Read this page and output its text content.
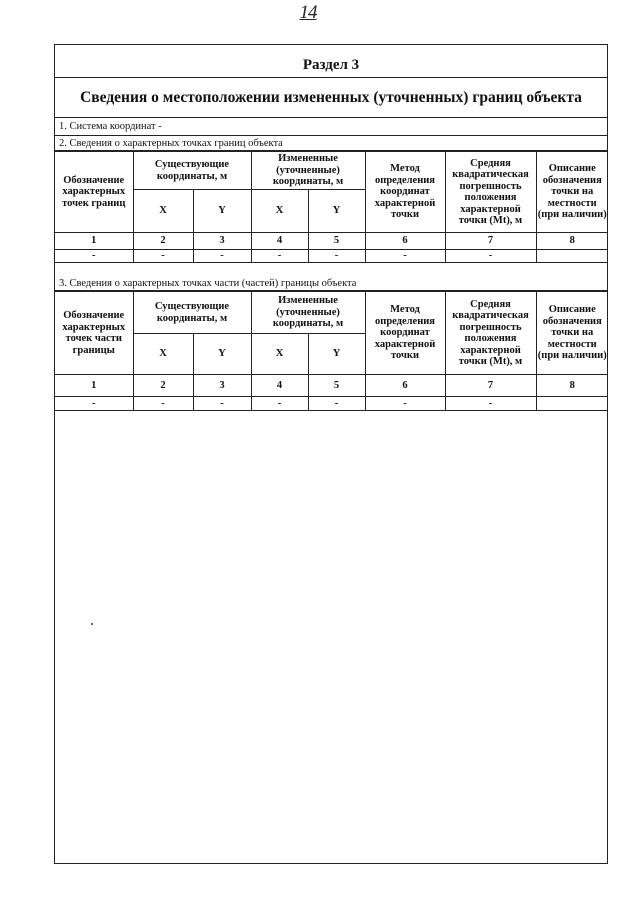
14
Раздел 3
Сведения о местоположении измененных (уточненных) границ объекта
1. Система координат -
2. Сведения о характерных точках границ объекта
Обозначение характерных точек границ	Существующие координаты, м		Измененные (уточненные) координаты, м		Метод определения координат характерной точки	Средняя квадратическая погрешность положения характерной точки (Mt), м	Описание обозначения точки на местности (при наличии)
	X	Y	X	Y			
1	2	3	4	5	6	7	8
-	-	-	-	-	-	-	
3. Сведения о характерных точках части (частей) границы объекта
Обозначение характерных точек части границы	Существующие координаты, м		Измененные (уточненные) координаты, м		Метод определения координат характерной точки	Средняя квадратическая погрешность положения характерной точки (Mt), м	Описание обозначения точки на местности (при наличии)
	X	Y	X	Y			
1	2	3	4	5	6	7	8
-	-	-	-	-	-	-	
